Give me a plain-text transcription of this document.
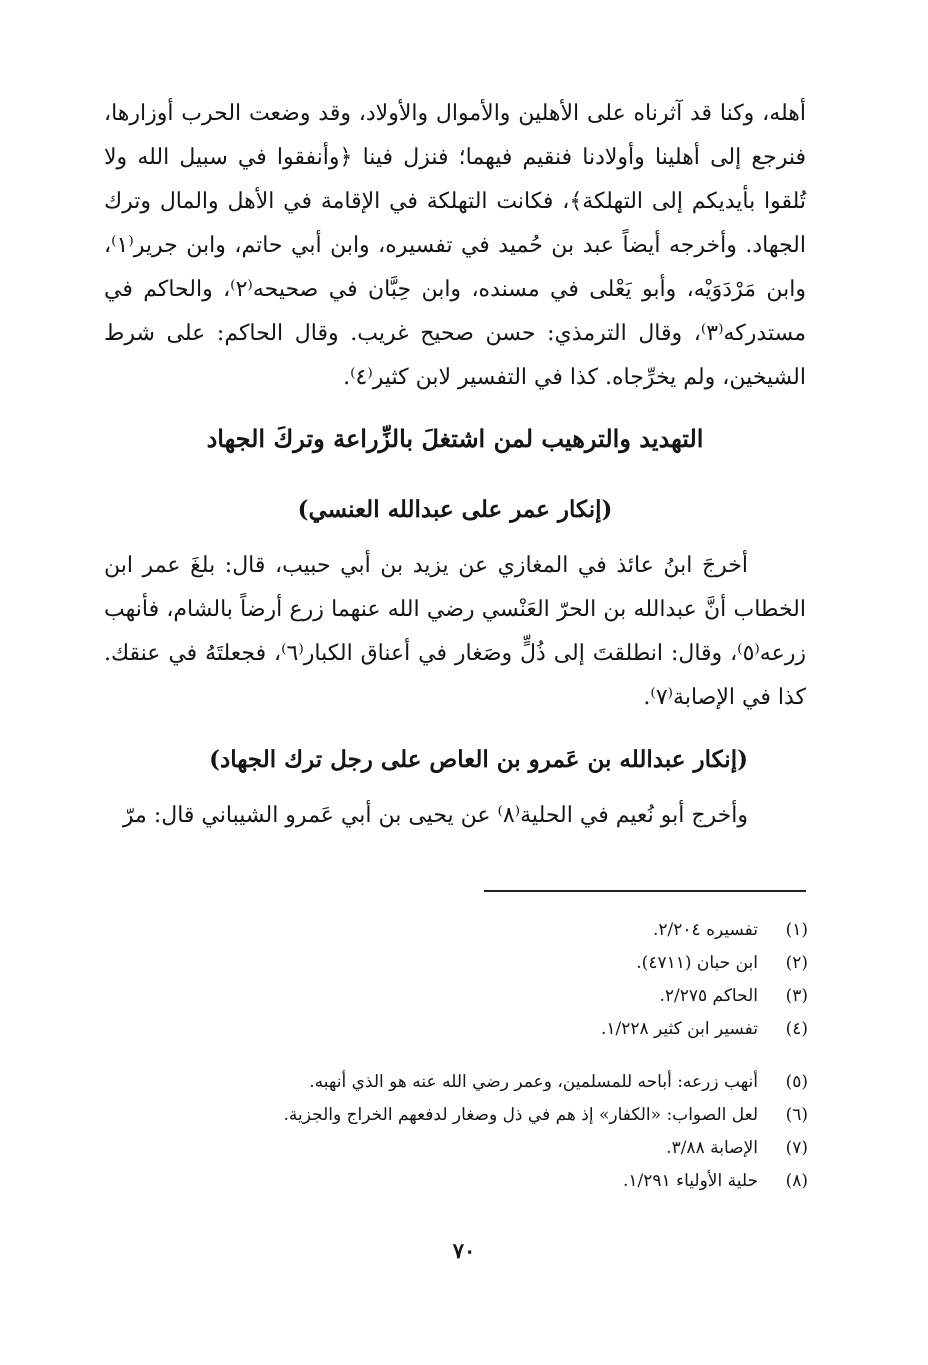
أهله، وكنا قد آثرناه على الأهلين والأموال والأولاد، وقد وضعت الحرب أوزارها، فنرجع إلى أهلينا وأولادنا فنقيم فيهما؛ فنزل فينا ﴿وأنفقوا في سبيل الله ولا تُلقوا بأيديكم إلى التهلكة﴾، فكانت التهلكة في الإقامة في الأهل والمال وترك الجهاد. وأخرجه أيضاً عبد بن حُميد في تفسيره، وابن أبي حاتم، وابن جرير⁽١⁾، وابن مَرْدَوَيْه، وأبو يَعْلى في مسنده، وابن حِبَّان في صحيحه⁽٢⁾، والحاكم في مستدركه⁽٣⁾، وقال الترمذي: حسن صحيح غريب. وقال الحاكم: على شرط الشيخين، ولم يخرِّجاه. كذا في التفسير لابن كثير⁽٤⁾.

التهديد والترهيب لمن اشتغلَ بالزِّراعة وتركَ الجهاد
(إنكار عمر على عبدالله العنسي)

أخرجَ ابنُ عائذ في المغازي عن يزيد بن أبي حبيب، قال: بلغَ عمر ابن الخطاب أنَّ عبدالله بن الحرّ العَنْسي رضي الله عنهما زرع أرضاً بالشام، فأنهب زرعه⁽٥⁾، وقال: انطلقتَ إلى ذُلٍّ وصَغار في أعناق الكبار⁽٦⁾، فجعلتَهُ في عنقك. كذا في الإصابة⁽٧⁾.

(إنكار عبدالله بن عَمرو بن العاص على رجل ترك الجهاد)

وأخرج أبو نُعيم في الحلية⁽٨⁾ عن يحيى بن أبي عَمرو الشيباني قال: مرّ

(١)
تفسيره ٢/٢٠٤.
(٢)
ابن حبان (٤٧١١).
(٣)
الحاكم ٢/٢٧٥.
(٤)
تفسير ابن كثير ١/٢٢٨.
(٥)
أنهب زرعه: أباحه للمسلمين، وعمر رضي الله عنه هو الذي أنهبه.
(٦)
لعل الصواب: «الكفار» إذ هم في ذل وصغار لدفعهم الخراج والجزية.
(٧)
الإصابة ٣/٨٨.
(٨)
حلية الأولياء ١/٢٩١.
٧٠
